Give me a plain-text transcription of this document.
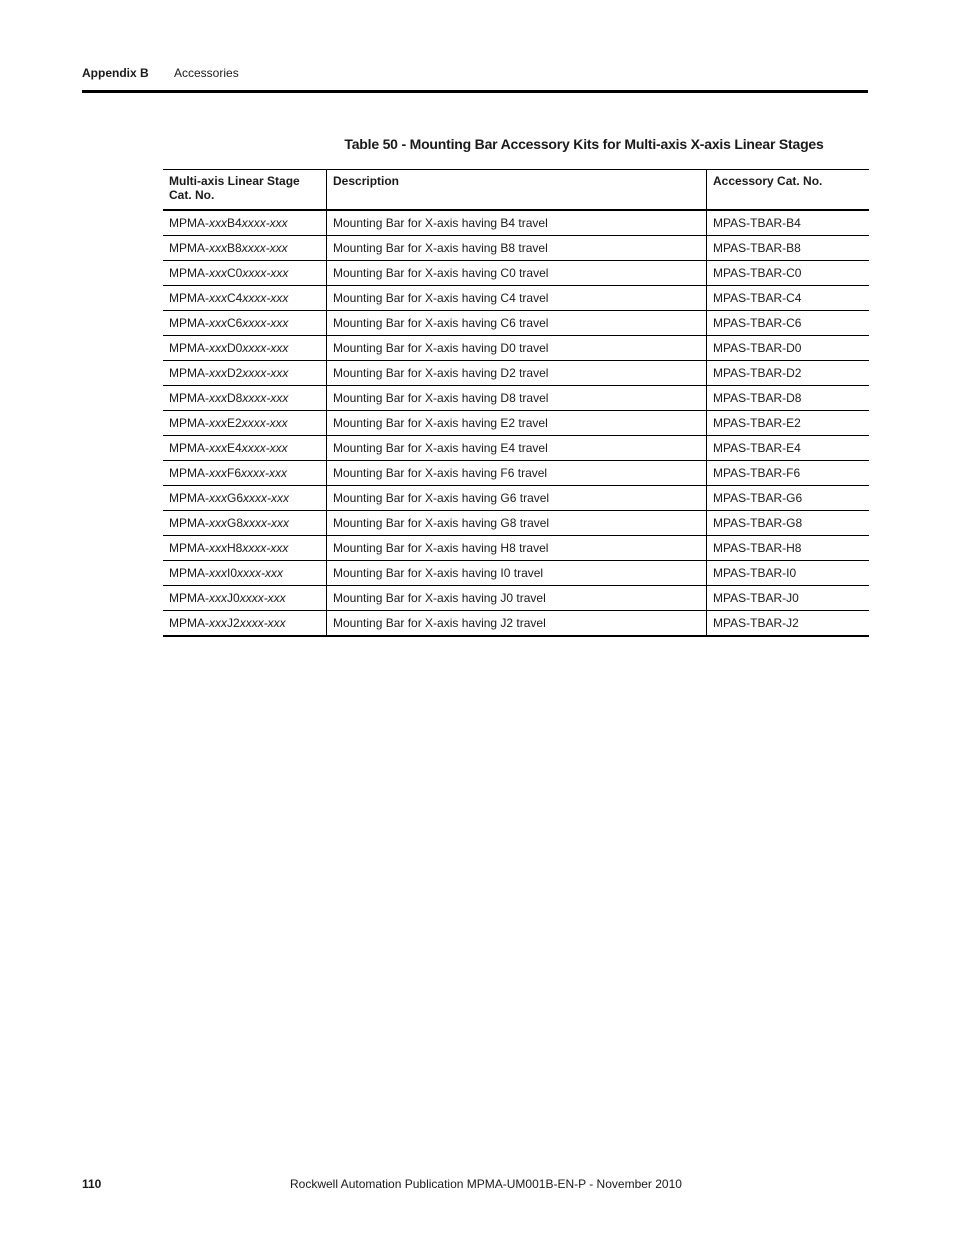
Appendix B Accessories
Table 50 - Mounting Bar Accessory Kits for Multi-axis X-axis Linear Stages
Multi-axis Linear Stage Cat. No.	Description	Accessory Cat. No.
MPMA-xxxB4xxxx-xxx	Mounting Bar for X-axis having B4 travel	MPAS-TBAR-B4
MPMA-xxxB8xxxx-xxx	Mounting Bar for X-axis having B8 travel	MPAS-TBAR-B8
MPMA-xxxC0xxxx-xxx	Mounting Bar for X-axis having C0 travel	MPAS-TBAR-C0
MPMA-xxxC4xxxx-xxx	Mounting Bar for X-axis having C4 travel	MPAS-TBAR-C4
MPMA-xxxC6xxxx-xxx	Mounting Bar for X-axis having C6 travel	MPAS-TBAR-C6
MPMA-xxxD0xxxx-xxx	Mounting Bar for X-axis having D0 travel	MPAS-TBAR-D0
MPMA-xxxD2xxxx-xxx	Mounting Bar for X-axis having D2 travel	MPAS-TBAR-D2
MPMA-xxxD8xxxx-xxx	Mounting Bar for X-axis having D8 travel	MPAS-TBAR-D8
MPMA-xxxE2xxxx-xxx	Mounting Bar for X-axis having E2 travel	MPAS-TBAR-E2
MPMA-xxxE4xxxx-xxx	Mounting Bar for X-axis having E4 travel	MPAS-TBAR-E4
MPMA-xxxF6xxxx-xxx	Mounting Bar for X-axis having F6 travel	MPAS-TBAR-F6
MPMA-xxxG6xxxx-xxx	Mounting Bar for X-axis having G6 travel	MPAS-TBAR-G6
MPMA-xxxG8xxxx-xxx	Mounting Bar for X-axis having G8 travel	MPAS-TBAR-G8
MPMA-xxxH8xxxx-xxx	Mounting Bar for X-axis having H8 travel	MPAS-TBAR-H8
MPMA-xxxI0xxxx-xxx	Mounting Bar for X-axis having I0 travel	MPAS-TBAR-I0
MPMA-xxxJ0xxxx-xxx	Mounting Bar for X-axis having J0 travel	MPAS-TBAR-J0
MPMA-xxxJ2xxxx-xxx	Mounting Bar for X-axis having J2 travel	MPAS-TBAR-J2
110	Rockwell Automation Publication MPMA-UM001B-EN-P - November 2010
